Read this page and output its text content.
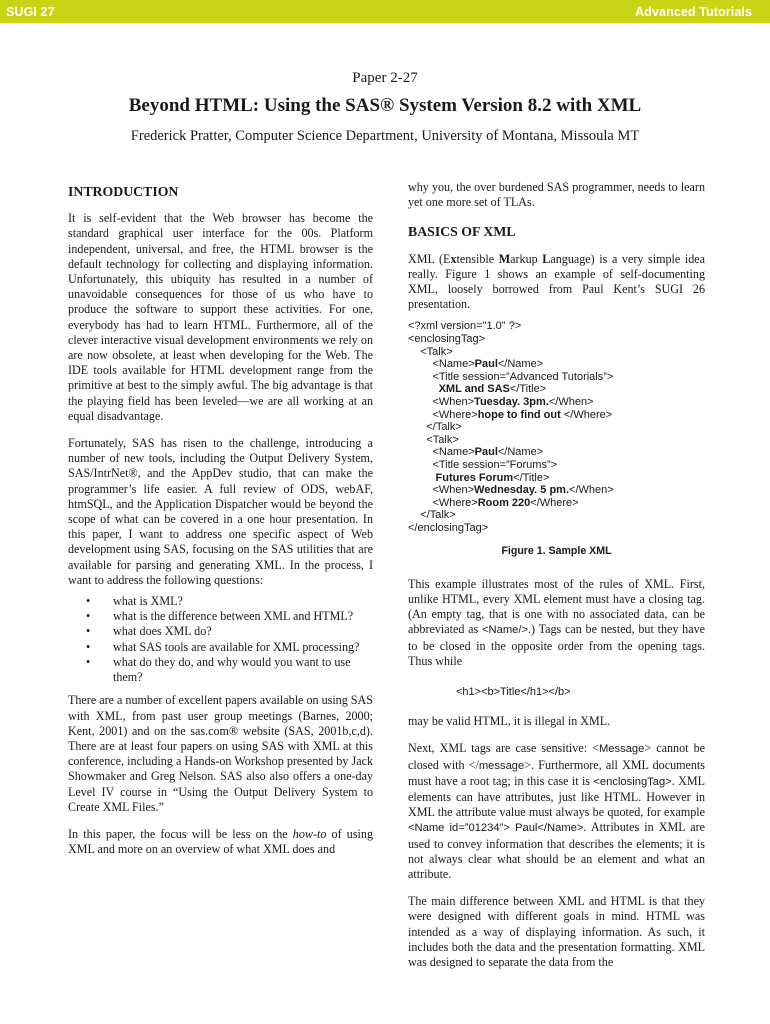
SUGI 27	Advanced Tutorials
Paper 2-27
Beyond HTML: Using the SAS® System Version 8.2 with XML
Frederick Pratter, Computer Science Department, University of Montana, Missoula MT
INTRODUCTION

It is self-evident that the Web browser has become the standard graphical user interface for the 00s. Platform independent, universal, and free, the HTML browser is the default technology for collecting and displaying information. Unfortunately, this ubiquity has resulted in a number of unavoidable consequences for those of us who have to produce the software to support these activities. For one, everybody has had to learn HTML. Furthermore, all of the clever interactive visual development environments we rely on are now obsolete, at least when developing for the Web. The IDE tools available for HTML development range from the primitive at best to the simply awful. The big advantage is that the playing field has been leveled—we are all working at an equal disadvantage.

Fortunately, SAS has risen to the challenge, introducing a number of new tools, including the Output Delivery System, SAS/IntrNet®, and the AppDev studio, that can make the programmer’s life easier. A full review of ODS, webAF, htmSQL, and the Application Dispatcher would be beyond the scope of what can be covered in a one hour presentation. In this paper, I want to address one specific aspect of Web development using SAS, focusing on the SAS utilities that are available for parsing and generating XML. In the process, I want to address the following questions:

• what is XML?
• what is the difference between XML and HTML?
• what does XML do?
• what SAS tools are available for XML processing?
• what do they do, and why would you want to use them?

There are a number of excellent papers available on using SAS with XML, from past user group meetings (Barnes, 2000; Kent, 2001) and on the sas.com® website (SAS, 2001b,c,d). There are at least four papers on using SAS with XML at this conference, including a Hands-on Workshop presented by Jack Showmaker and Greg Nelson. SAS also also offers a one-day Level IV course in “Using the Output Delivery System to Create XML Files.”

In this paper, the focus will be less on the how-to of using XML and more on an overview of what XML does and

why you, the over burdened SAS programmer, needs to learn yet one more set of TLAs.

BASICS OF XML

XML (Extensible Markup Language) is a very simple idea really. Figure 1 shows an example of self-documenting XML, loosely borrowed from Paul Kent’s SUGI 26 presentation.

<?xml version="1.0" ?>
<enclosingTag>
<Talk>
<Name>Paul</Name>
<Title session=”Advanced Tutorials”>
XML and SAS</Title>
<When>Tuesday. 3pm.</When>
<Where>hope to find out </Where>
</Talk>
<Talk>
<Name>Paul</Name>
<Title session=”Forums”>
Futures Forum</Title>
<When>Wednesday. 5 pm.</When>
<Where>Room 220</Where>
</Talk>
</enclosingTag>
Figure 1. Sample XML

This example illustrates most of the rules of XML. First, unlike HTML, every XML element must have a closing tag. (An empty tag, that is one with no associated data, can be abbreviated as <Name/>.) Tags can be nested, but they have to be closed in the opposite order from the opening tags. Thus while

<h1><b>Title</h1></b>

may be valid HTML, it is illegal in XML.

Next, XML tags are case sensitive: <Message> cannot be closed with </message>. Furthermore, all XML documents must have a root tag; in this case it is <enclosingTag>. XML elements can have attributes, just like HTML. However in XML the attribute value must always be quoted, for example <Name id=”01234”> Paul</Name>. Attributes in XML are used to convey information that describes the elements; it is not always clear what should be an element and what an attribute.

The main difference between XML and HTML is that they were designed with different goals in mind. HTML was intended as a way of displaying information. As such, it includes both the data and the presentation formatting. XML was designed to separate the data from the
